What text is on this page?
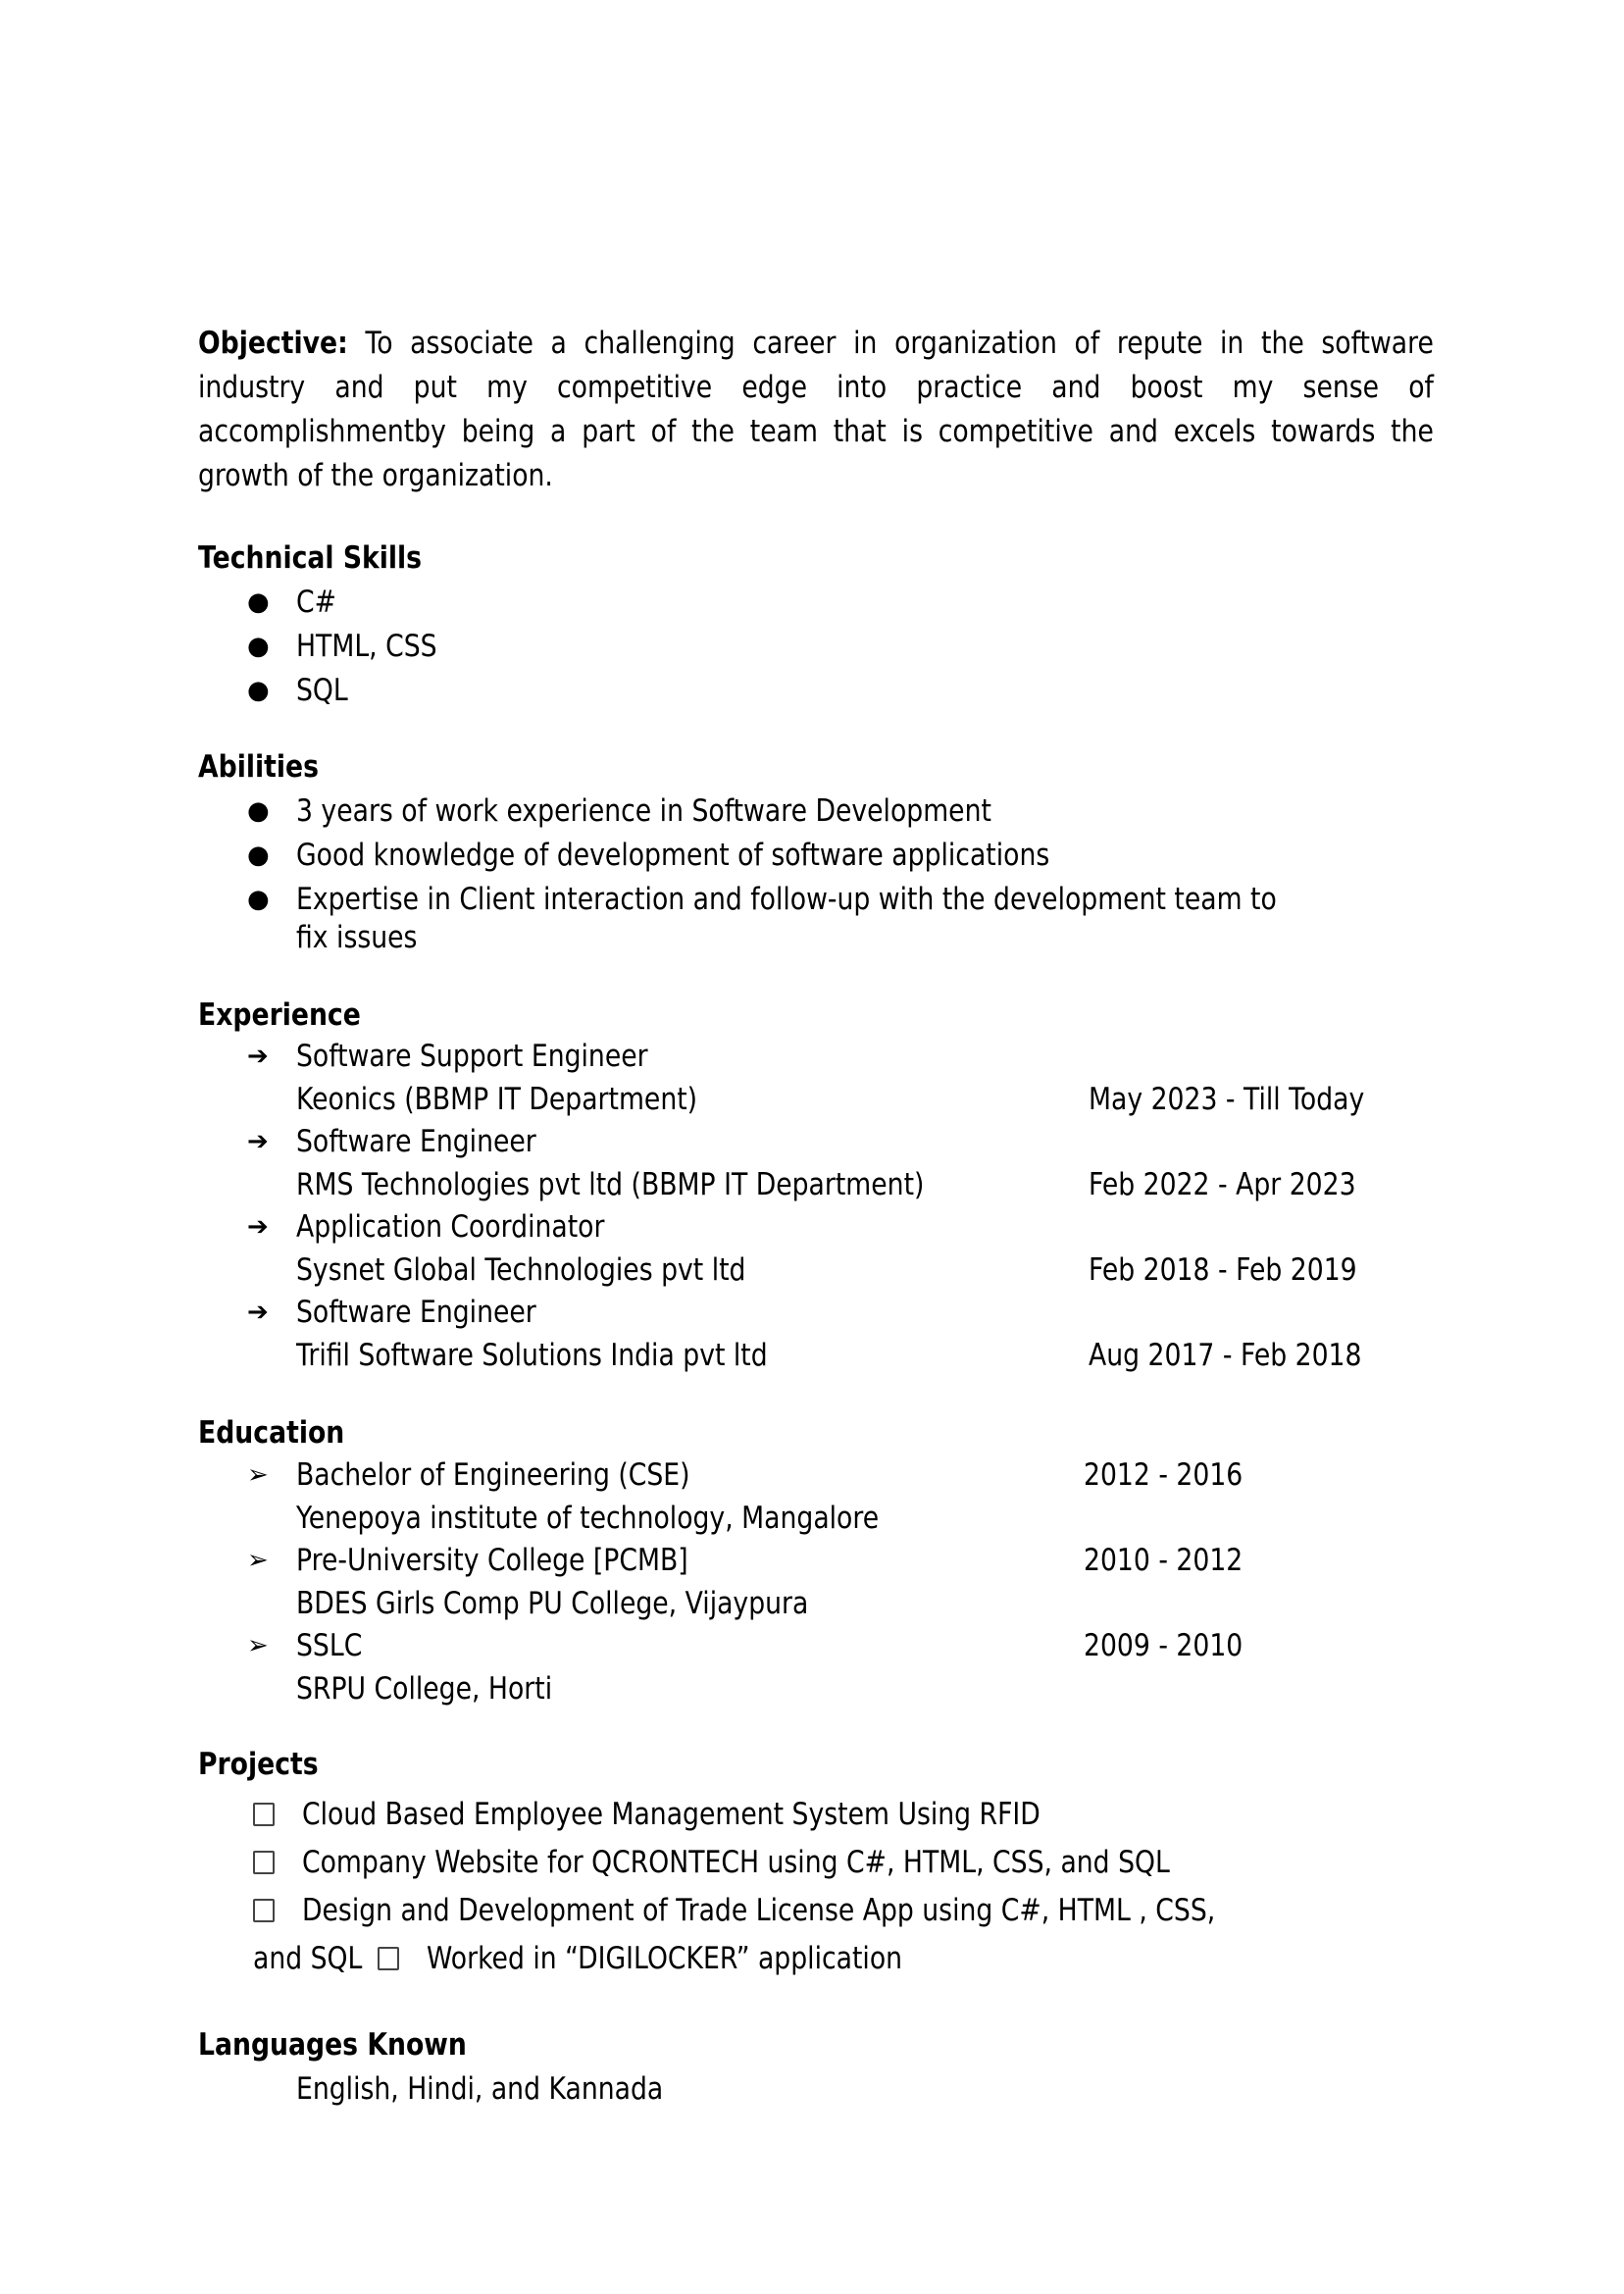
Objective: To associate a challenging career in organization of repute in the software industry and put my competitive edge into practice and boost my sense of accomplishmentby being a part of the team that is competitive and excels towards the growth of the organization.

Technical Skills
● C#
● HTML, CSS
● SQL
Abilities
● 3 years of work experience in Software Development
● Good knowledge of development of software applications
● Expertise in Client interaction and follow-up with the development team to
fix issues
Experience
➔ Software Support Engineer
Keonics (BBMP IT Department)	May 2023 - Till Today
➔ Software Engineer
RMS Technologies pvt ltd (BBMP IT Department)	Feb 2022 - Apr 2023
➔ Application Coordinator
Sysnet Global Technologies pvt ltd	Feb 2018 - Feb 2019
➔ Software Engineer
Trifil Software Solutions India pvt ltd	Aug 2017 - Feb 2018
Education
➢ Bachelor of Engineering (CSE)	2012 - 2016
Yenepoya institute of technology, Mangalore
➢ Pre-University College [PCMB]	2010 - 2012
BDES Girls Comp PU College, Vijaypura
➢ SSLC	2009 - 2010
SRPU College, Horti
Projects
Cloud Based Employee Management System Using RFID
Company Website for QCRONTECH using C#, HTML, CSS, and SQL
Design and Development of Trade License App using C#, HTML , CSS,
and SQL Worked in “DIGILOCKER” application
Languages Known
English, Hindi, and Kannada
